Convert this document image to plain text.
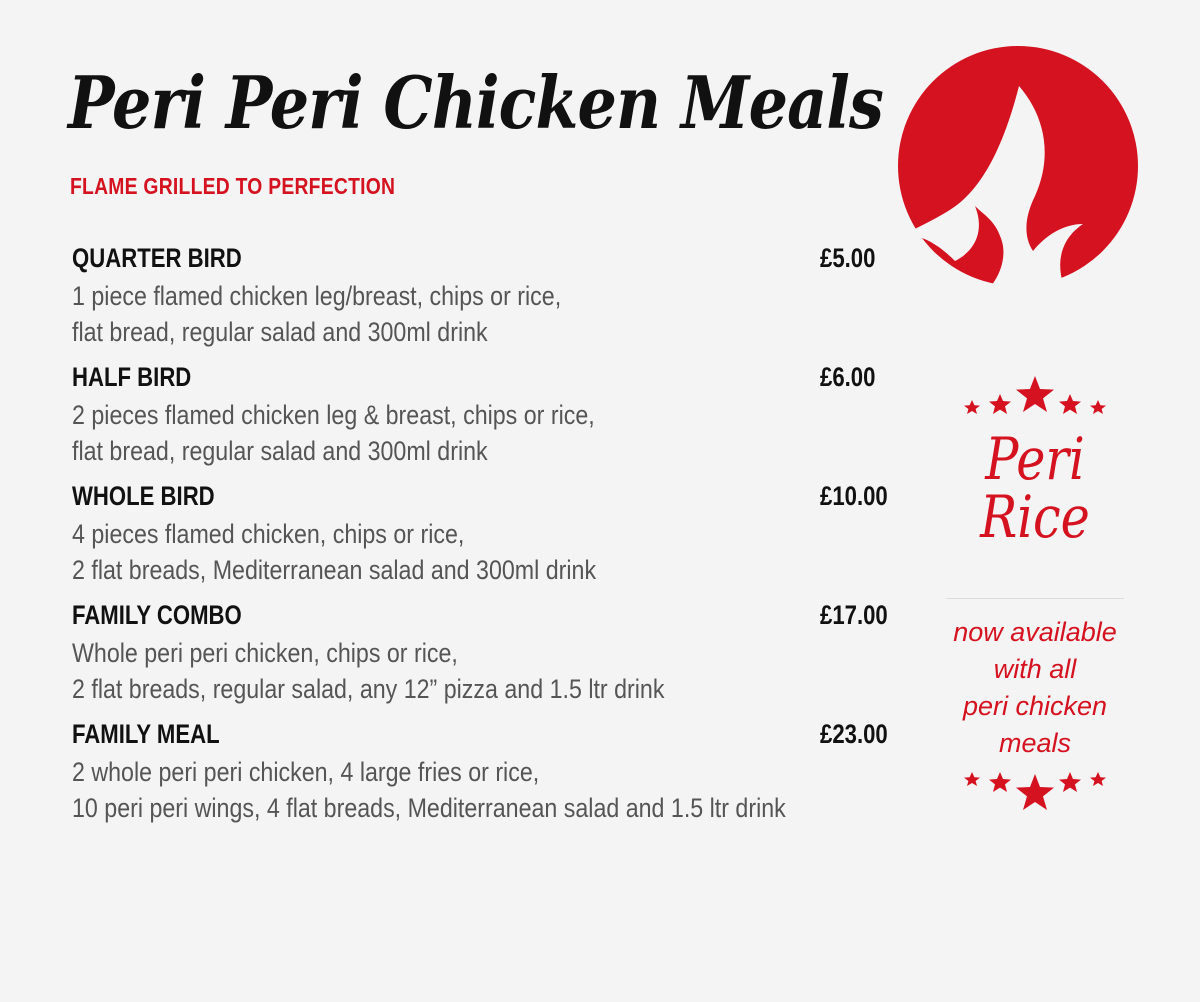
Peri Peri Chicken Meals
FLAME GRILLED TO PERFECTION
QUARTER BIRD	£5.00
1 piece flamed chicken leg/breast, chips or rice,
flat bread, regular salad and 300ml drink
HALF BIRD	£6.00
2 pieces flamed chicken leg & breast, chips or rice,
flat bread, regular salad and 300ml drink
WHOLE BIRD	£10.00
4 pieces flamed chicken, chips or rice,
2 flat breads, Mediterranean salad and 300ml drink
FAMILY COMBO	£17.00
Whole peri peri chicken, chips or rice,
2 flat breads, regular salad, any 12” pizza and 1.5 ltr drink
FAMILY MEAL	£23.00
2 whole peri peri chicken, 4 large fries or rice,
10 peri peri wings, 4 flat breads, Mediterranean salad and 1.5 ltr drink
Peri
Rice
now available
with all
peri chicken
meals
